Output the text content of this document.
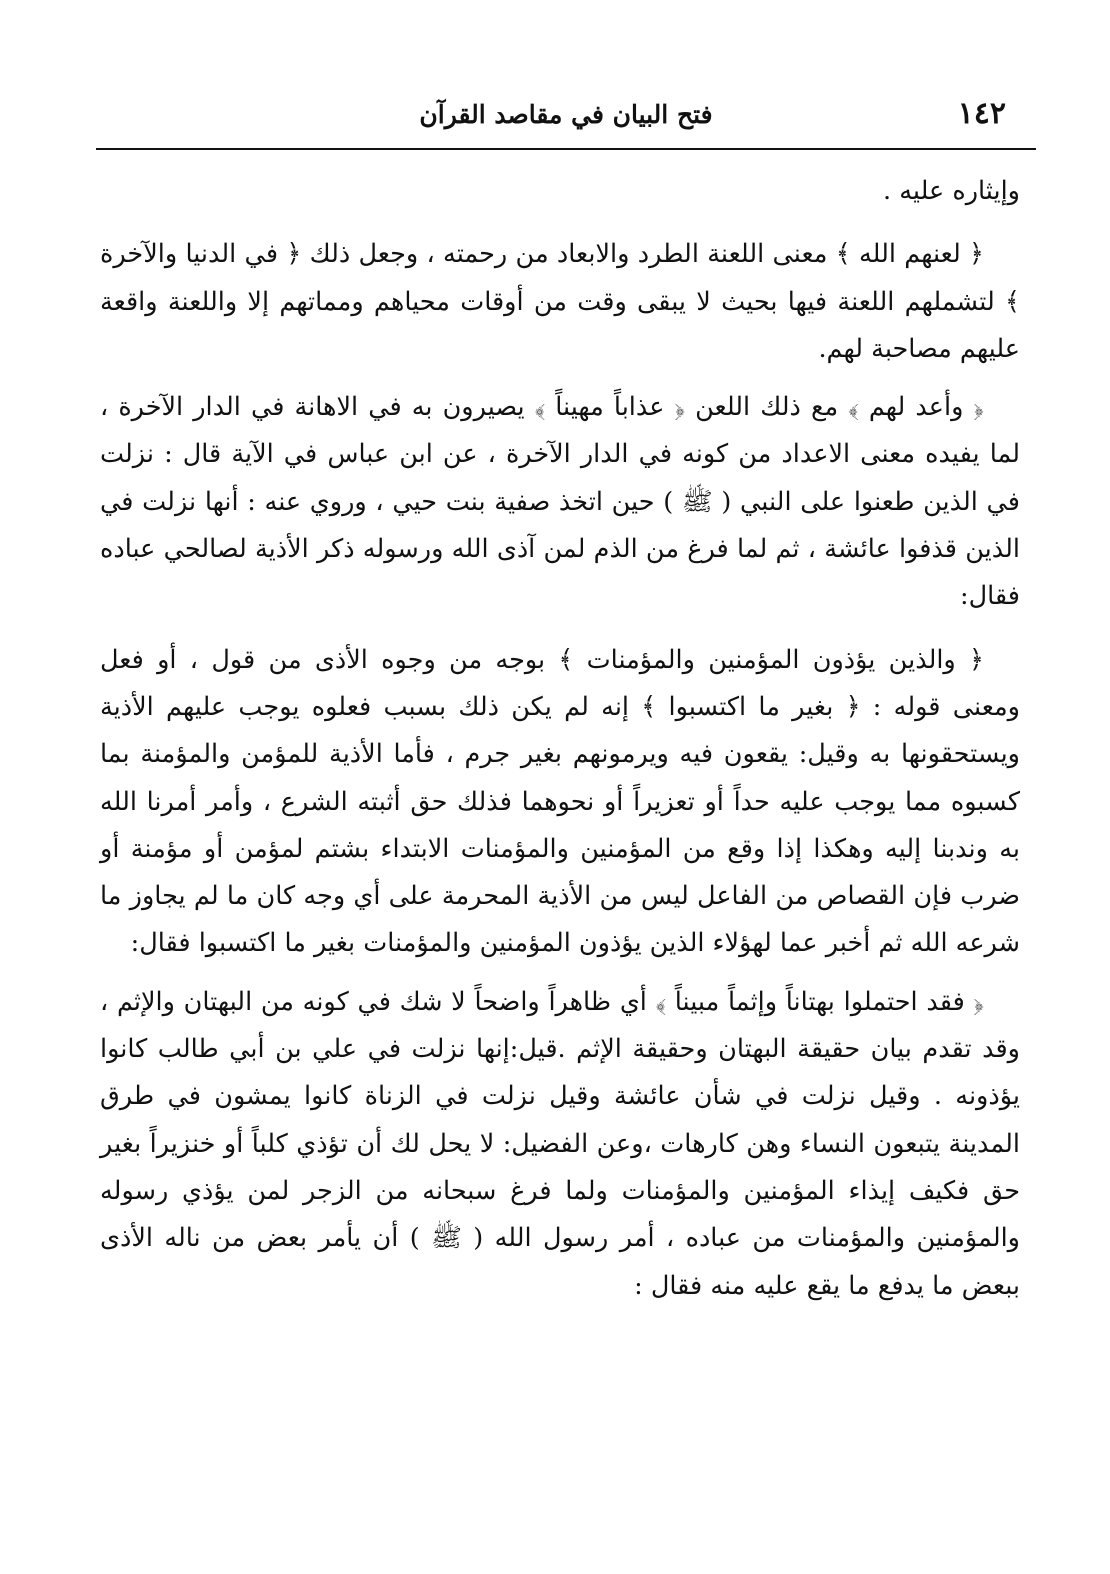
١٤٢
فتح البيان في مقاصد القرآن

وإيثاره عليه .

﴿ لعنهم الله ﴾ معنى اللعنة الطرد والابعاد من رحمته ، وجعل ذلك ﴿ في الدنيا والآخرة ﴾ لتشملهم اللعنة فيها بحيث لا يبقى وقت من أوقات محياهم ومماتهم إلا واللعنة واقعة عليهم مصاحبة لهم.

﴿ وأعد لهم ﴾ مع ذلك اللعن ﴿ عذاباً مهيناً ﴾ يصيرون به في الاهانة في الدار الآخرة ، لما يفيده معنى الاعداد من كونه في الدار الآخرة ، عن ابن عباس في الآية قال : نزلت في الذين طعنوا على النبي ( ﷺ ) حين اتخذ صفية بنت حيي ، وروي عنه : أنها نزلت في الذين قذفوا عائشة ، ثم لما فرغ من الذم لمن آذى الله ورسوله ذكر الأذية لصالحي عباده فقال:

﴿ والذين يؤذون المؤمنين والمؤمنات ﴾ بوجه من وجوه الأذى من قول ، أو فعل ومعنى قوله : ﴿ بغير ما اكتسبوا ﴾ إنه لم يكن ذلك بسبب فعلوه يوجب عليهم الأذية ويستحقونها به وقيل: يقعون فيه ويرمونهم بغير جرم ، فأما الأذية للمؤمن والمؤمنة بما كسبوه مما يوجب عليه حداً أو تعزيراً أو نحوهما فذلك حق أثبته الشرع ، وأمر أمرنا الله به وندبنا إليه وهكذا إذا وقع من المؤمنين والمؤمنات الابتداء بشتم لمؤمن أو مؤمنة أو ضرب فإن القصاص من الفاعل ليس من الأذية المحرمة على أي وجه كان ما لم يجاوز ما شرعه الله ثم أخبر عما لهؤلاء الذين يؤذون المؤمنين والمؤمنات بغير ما اكتسبوا فقال:

﴿ فقد احتملوا بهتاناً وإثماً مبيناً ﴾ أي ظاهراً واضحاً لا شك في كونه من البهتان والإثم ، وقد تقدم بيان حقيقة البهتان وحقيقة الإثم .قيل:إنها نزلت في علي بن أبي طالب كانوا يؤذونه . وقيل نزلت في شأن عائشة وقيل نزلت في الزناة كانوا يمشون في طرق المدينة يتبعون النساء وهن كارهات ،وعن الفضيل: لا يحل لك أن تؤذي كلباً أو خنزيراً بغير حق فكيف إيذاء المؤمنين والمؤمنات ولما فرغ سبحانه من الزجر لمن يؤذي رسوله والمؤمنين والمؤمنات من عباده ، أمر رسول الله ( ﷺ ) أن يأمر بعض من ناله الأذى ببعض ما يدفع ما يقع عليه منه فقال :
